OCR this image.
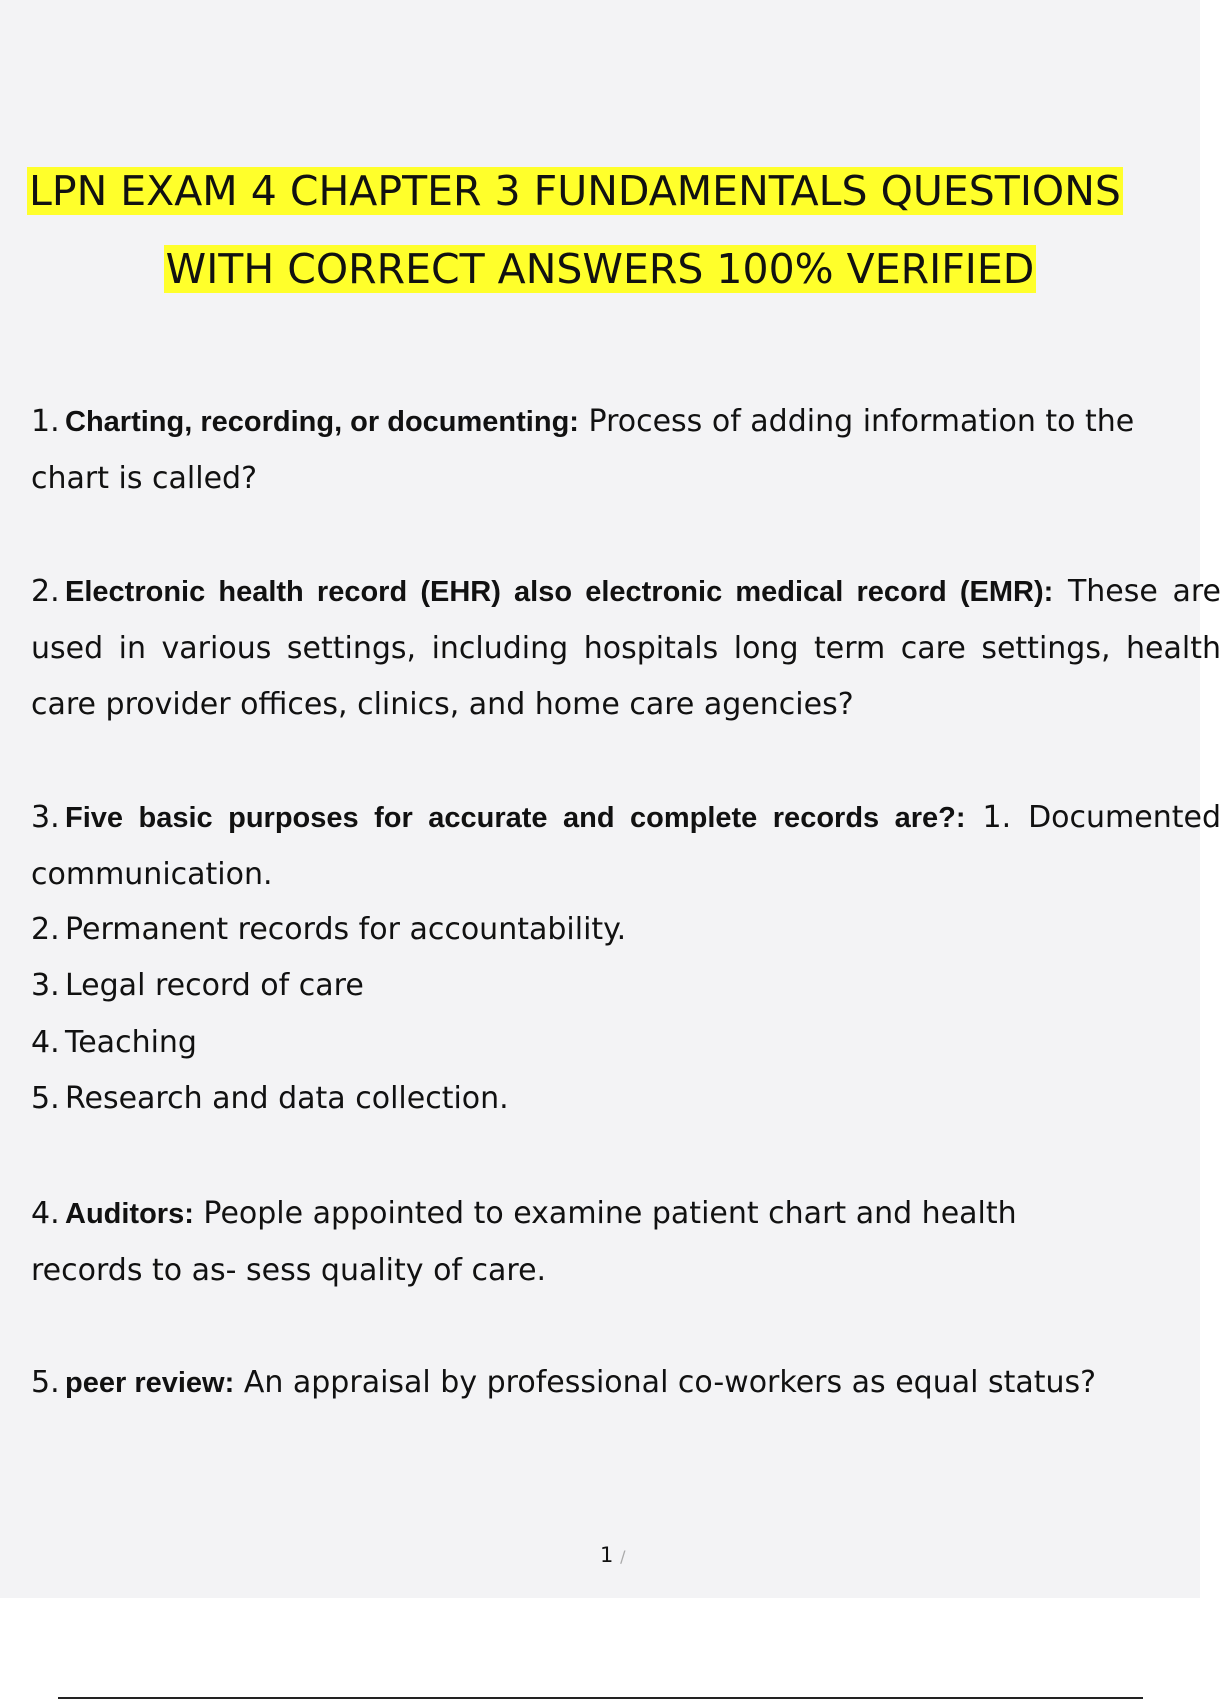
LPN EXAM 4 CHAPTER 3 FUNDAMENTALS QUESTIONS
WITH CORRECT ANSWERS 100% VERIFIED
1. Charting, recording, or documenting: Process of adding information to the chart is called?
2. Electronic health record (EHR) also electronic medical record (EMR): These are used in various settings, including hospitals long term care settings, health care provider offices, clinics, and home care agencies?
3. Five basic purposes for accurate and complete records are?: 1. Documented communication.
2. Permanent records for accountability.
3. Legal record of care
4. Teaching
5. Research and data collection.
4. Auditors: People appointed to examine patient chart and health records to as- sess quality of care.
5. peer review: An appraisal by professional co-workers as equal status?
1 /
